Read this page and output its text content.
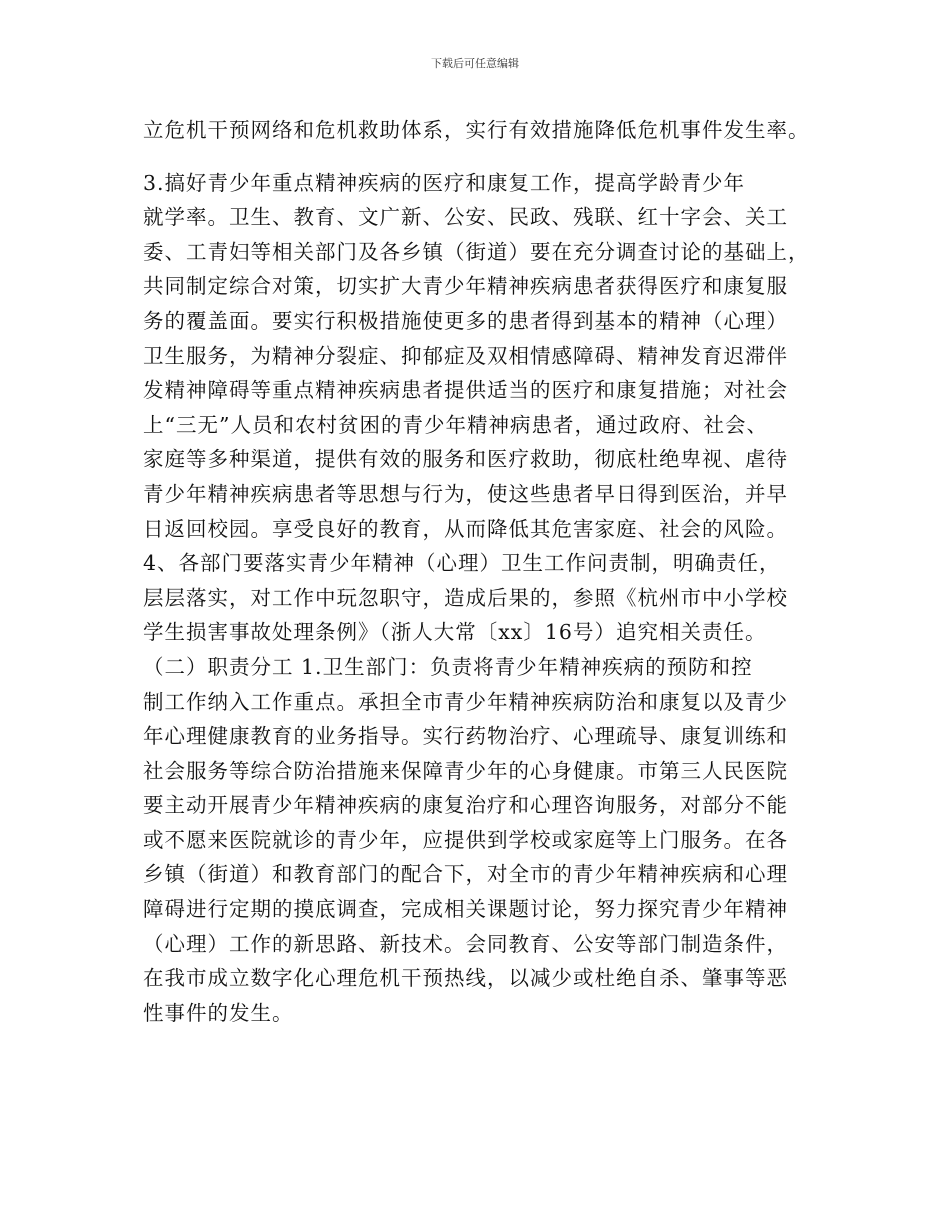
下载后可任意编辑
立危机干预网络和危机救助体系，实行有效措施降低危机事件发生率。
3.搞好青少年重点精神疾病的医疗和康复工作，提高学龄青少年
就学率。卫生、教育、文广新、公安、民政、残联、红十字会、关工
委、工青妇等相关部门及各乡镇（街道）要在充分调查讨论的基础上，
共同制定综合对策，切实扩大青少年精神疾病患者获得医疗和康复服
务的覆盖面。要实行积极措施使更多的患者得到基本的精神（心理）
卫生服务，为精神分裂症、抑郁症及双相情感障碍、精神发育迟滞伴
发精神障碍等重点精神疾病患者提供适当的医疗和康复措施；对社会
上“三无”人员和农村贫困的青少年精神病患者，通过政府、社会、
家庭等多种渠道，提供有效的服务和医疗救助，彻底杜绝卑视、虐待
青少年精神疾病患者等思想与行为，使这些患者早日得到医治，并早
日返回校园。享受良好的教育，从而降低其危害家庭、社会的风险。
4、各部门要落实青少年精神（心理）卫生工作问责制，明确责任，
层层落实，对工作中玩忽职守，造成后果的，参照《杭州市中小学校
学生损害事故处理条例》（浙人大常〔xx〕16号）追究相关责任。
（二）职责分工 1.卫生部门：负责将青少年精神疾病的预防和控
制工作纳入工作重点。承担全市青少年精神疾病防治和康复以及青少
年心理健康教育的业务指导。实行药物治疗、心理疏导、康复训练和
社会服务等综合防治措施来保障青少年的心身健康。市第三人民医院
要主动开展青少年精神疾病的康复治疗和心理咨询服务，对部分不能
或不愿来医院就诊的青少年，应提供到学校或家庭等上门服务。在各
乡镇（街道）和教育部门的配合下，对全市的青少年精神疾病和心理
障碍进行定期的摸底调查，完成相关课题讨论，努力探究青少年精神
（心理）工作的新思路、新技术。会同教育、公安等部门制造条件，
在我市成立数字化心理危机干预热线，以减少或杜绝自杀、肇事等恶
性事件的发生。
